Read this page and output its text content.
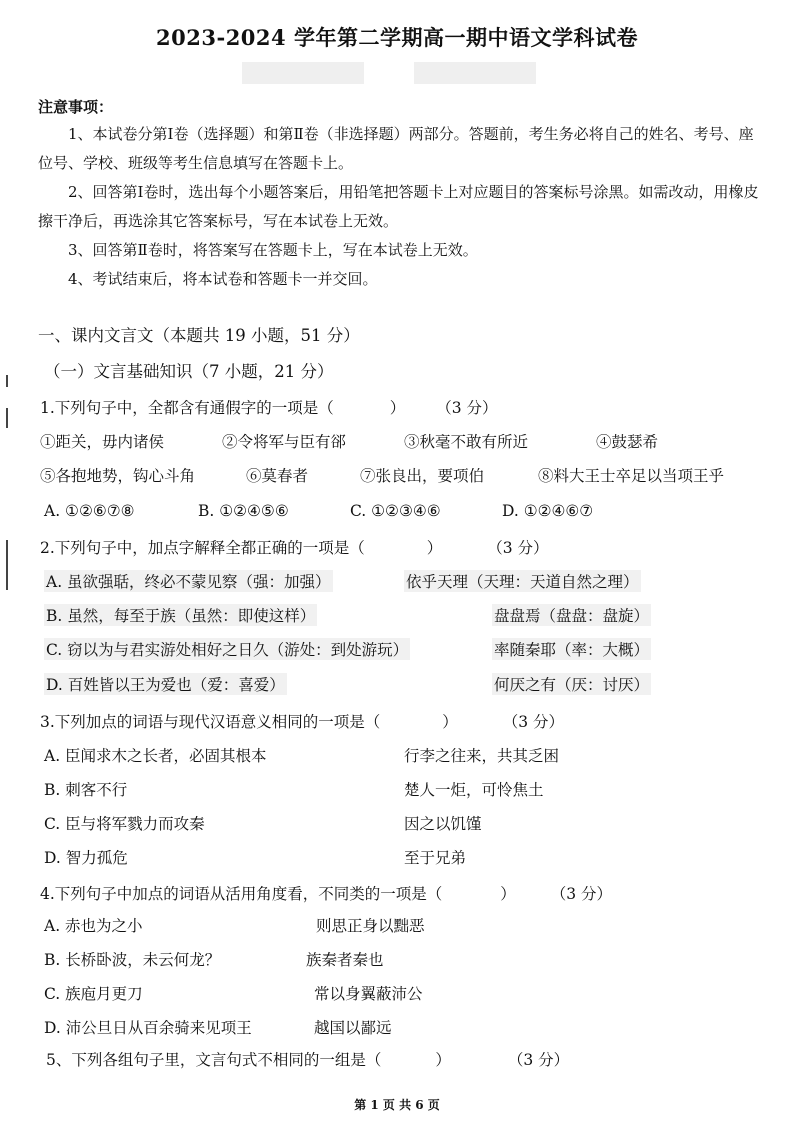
2023-2024 学年第二学期高一期中语文学科试卷
注意事项：

1、本试卷分第Ⅰ卷（选择题）和第Ⅱ卷（非选择题）两部分。答题前，考生务必将自己的姓名、考号、座位号、学校、班级等考生信息填写在答题卡上。

2、回答第Ⅰ卷时，选出每个小题答案后，用铅笔把答题卡上对应题目的答案标号涂黑。如需改动，用橡皮擦干净后，再选涂其它答案标号，写在本试卷上无效。

3、回答第Ⅱ卷时，将答案写在答题卡上，写在本试卷上无效。

4、考试结束后，将本试卷和答题卡一并交回。

一、课内文言文（本题共 19 小题，51 分）
（一）文言基础知识（7 小题，21 分）
1.下列句子中，全都含有通假字的一项是（	） （3 分）
①距关，毋内诸侯	②令将军与臣有郤	③秋毫不敢有所近	④鼓瑟希
⑤各抱地势，钩心斗角	⑥莫春者	⑦张良出，要项伯	⑧料大王士卒足以当项王乎
A. ①②⑥⑦⑧	B. ①②④⑤⑥	C. ①②③④⑥	D. ①②④⑥⑦
2.下列句子中，加点字解释全都正确的一项是（	）	（3 分）
A. 虽欲强聒，终必不蒙见察（强：加强）	依乎天理（天理：天道自然之理）
B. 虽然，每至于族（虽然：即使这样）	盘盘焉（盘盘：盘旋）
C. 窃以为与君实游处相好之日久（游处：到处游玩）	率随秦耶（率：大概）
D. 百姓皆以王为爱也（爱：喜爱）	何厌之有（厌：讨厌）
3.下列加点的词语与现代汉语意义相同的一项是（	）	（3 分）
A. 臣闻求木之长者，必固其根本	行李之往来，共其乏困
B. 刺客不行	楚人一炬，可怜焦土
C. 臣与将军戮力而攻秦	因之以饥馑
D. 智力孤危	至于兄弟
4.下列句子中加点的词语从活用角度看，不同类的一项是（	） （3 分）
A. 赤也为之小	则思正身以黜恶
B. 长桥卧波，未云何龙？	族秦者秦也
C. 族庖月更刀	常以身翼蔽沛公
D. 沛公旦日从百余骑来见项王	越国以鄙远
5、下列各组句子里，文言句式不相同的一组是（	）	（3 分）
第 1 页 共 6 页
